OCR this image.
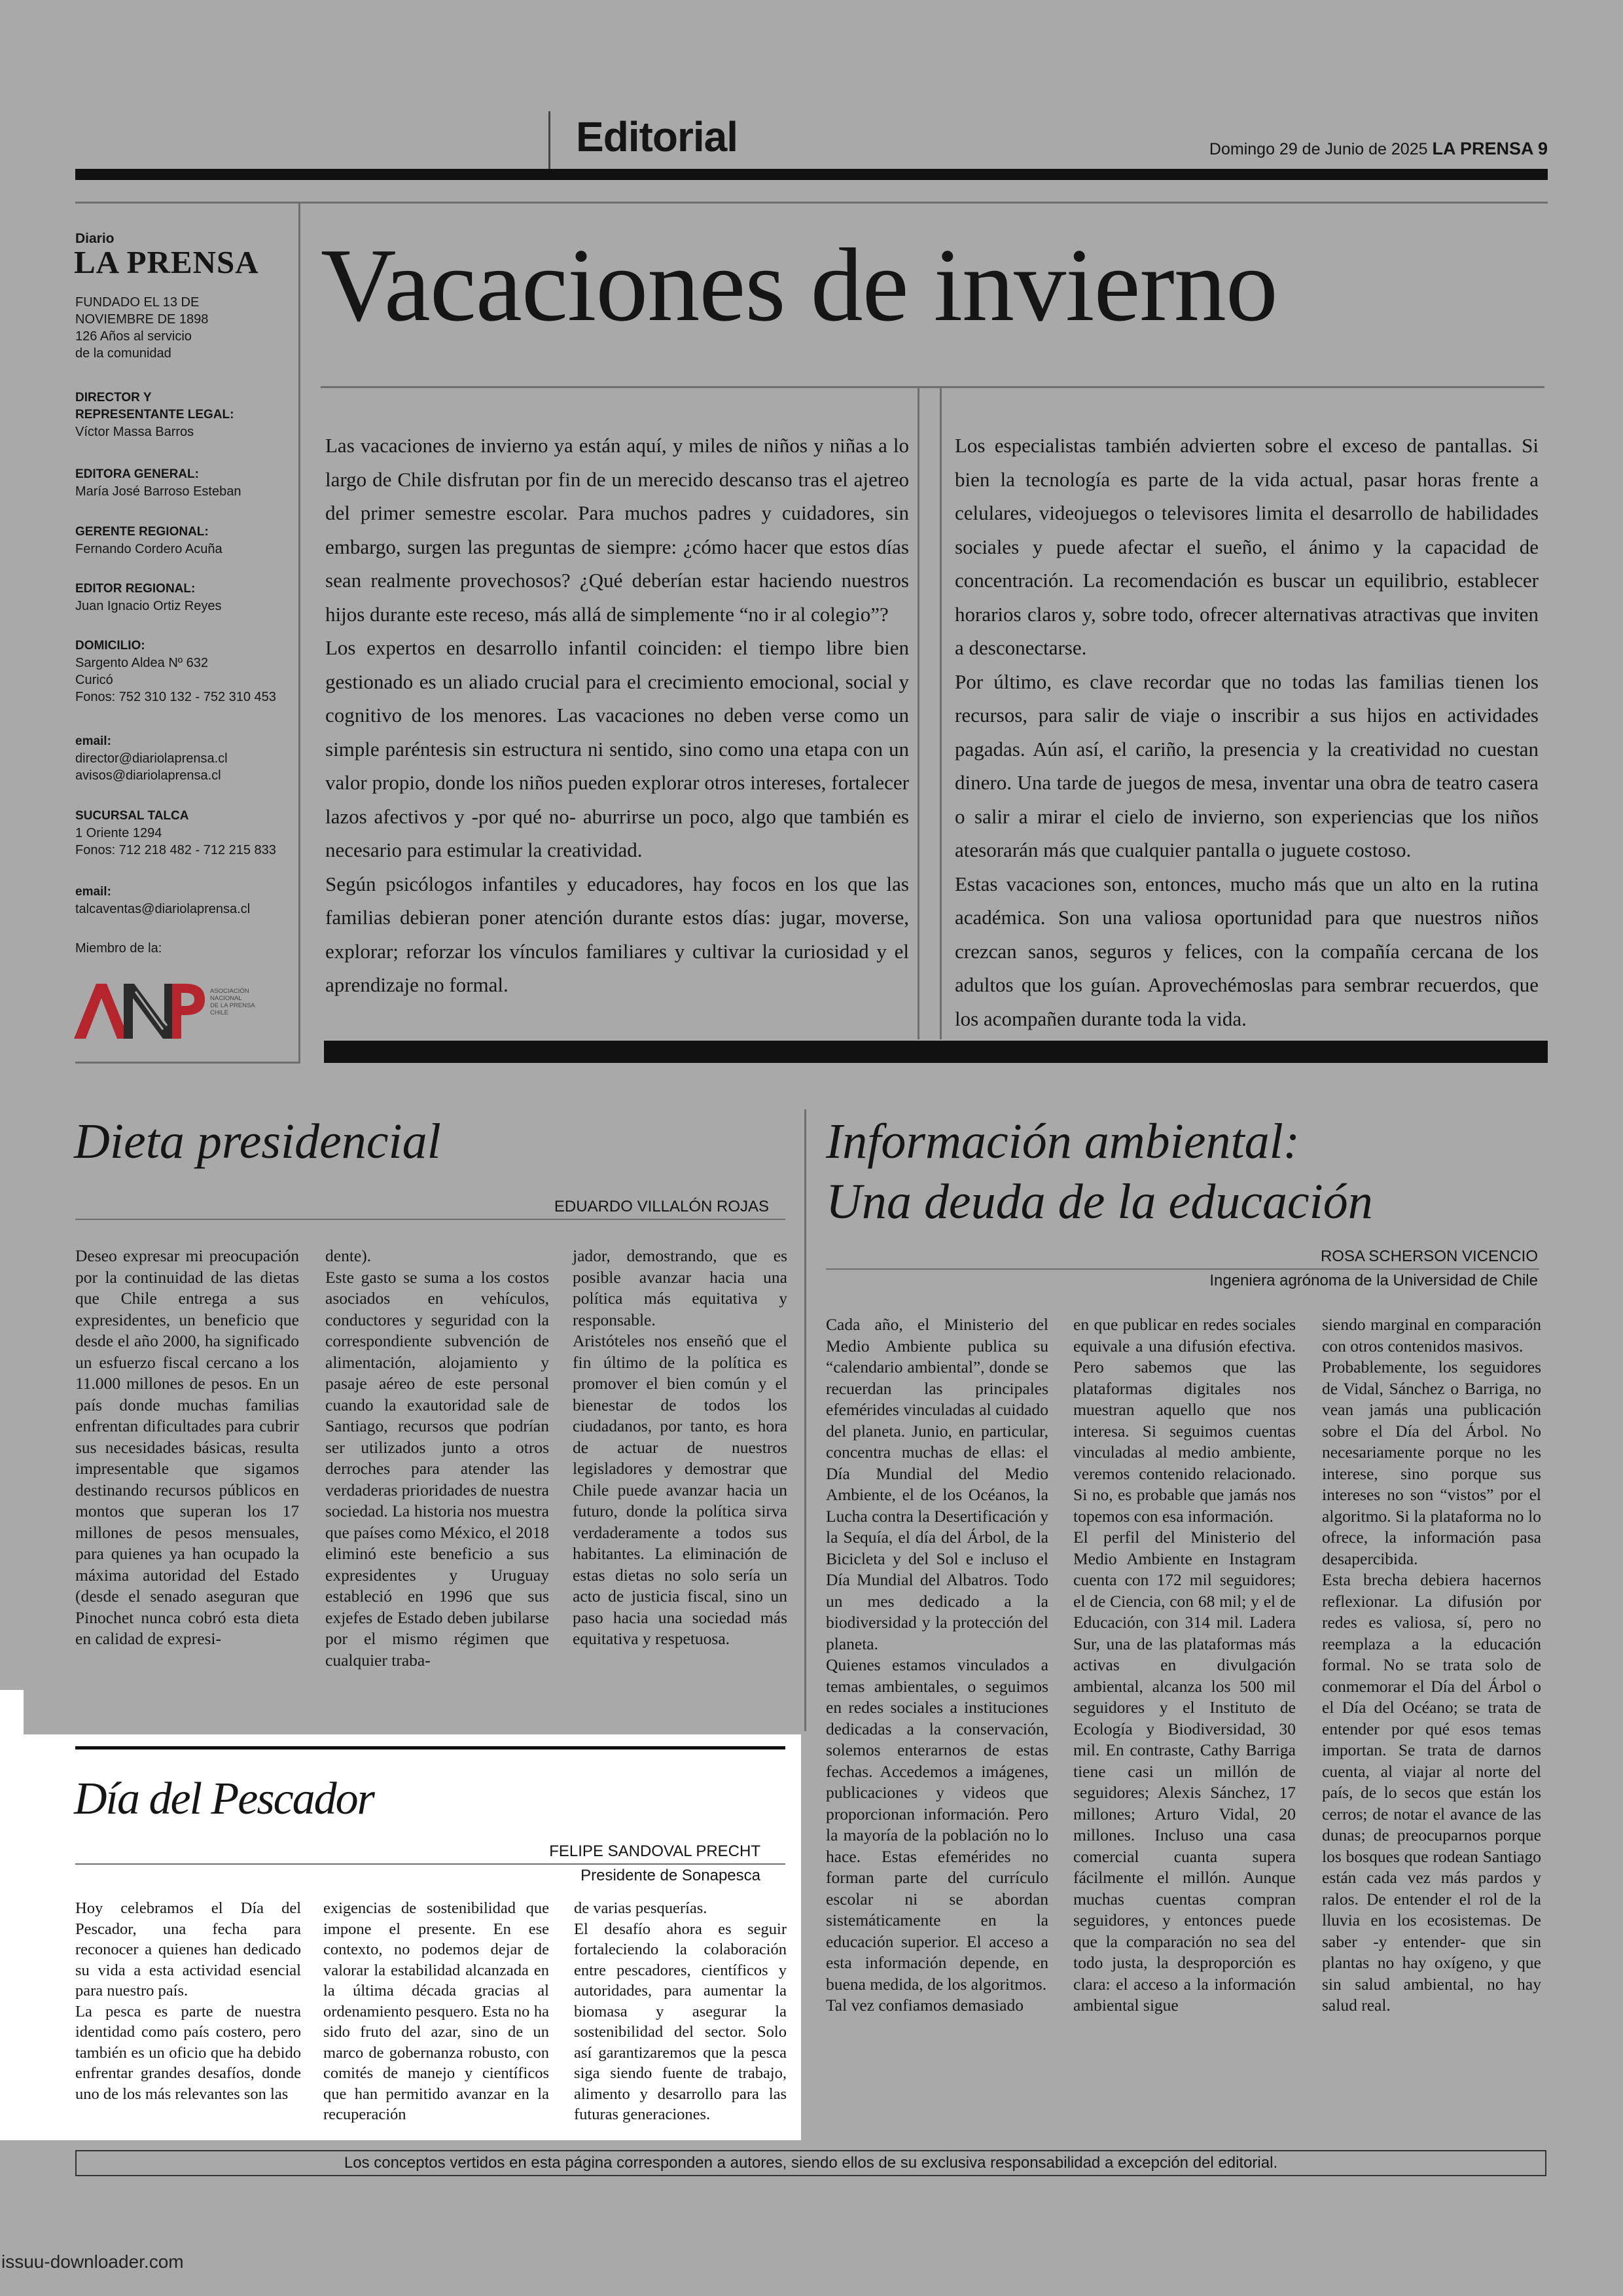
Editorial	Domingo 29 de Junio de 2025 LA PRENSA 9
Diario
LA PRENSA
FUNDADO EL 13 DE
NOVIEMBRE DE 1898
126 Años al servicio
de la comunidad
DIRECTOR Y
REPRESENTANTE LEGAL:
Víctor Massa Barros
EDITORA GENERAL:
María José Barroso Esteban
GERENTE REGIONAL:
Fernando Cordero Acuña
EDITOR REGIONAL:
Juan Ignacio Ortiz Reyes
DOMICILIO:
Sargento Aldea Nº 632
Curicó
Fonos: 752 310 132 - 752 310 453
email:
director@diariolaprensa.cl
avisos@diariolaprensa.cl
SUCURSAL TALCA
1 Oriente 1294
Fonos: 712 218 482 - 712 215 833
email:
talcaventas@diariolaprensa.cl
Miembro de la:
ASOCIACIÓN
NACIONAL
DE LA PRENSA
CHILE
Vacaciones de invierno

Las vacaciones de invierno ya están aquí, y miles de niños y niñas a lo largo de Chile disfrutan por fin de un merecido descanso tras el ajetreo del primer semestre escolar. Para muchos padres y cuidadores, sin embargo, surgen las preguntas de siempre: ¿cómo hacer que estos días sean realmente provechosos? ¿Qué deberían estar haciendo nuestros hijos durante este receso, más allá de simplemente “no ir al colegio”?

Los expertos en desarrollo infantil coinciden: el tiempo libre bien gestionado es un aliado crucial para el crecimiento emocional, social y cognitivo de los menores. Las vacaciones no deben verse como un simple paréntesis sin estructura ni sentido, sino como una etapa con un valor propio, donde los niños pueden explorar otros intereses, fortalecer lazos afectivos y -por qué no- aburrirse un poco, algo que también es necesario para estimular la creatividad.

Según psicólogos infantiles y educadores, hay focos en los que las familias debieran poner atención durante estos días: jugar, moverse, explorar; reforzar los vínculos familiares y cultivar la curiosidad y el aprendizaje no formal.

Los especialistas también advierten sobre el exceso de pantallas. Si bien la tecnología es parte de la vida actual, pasar horas frente a celulares, videojuegos o televisores limita el desarrollo de habilidades sociales y puede afectar el sueño, el ánimo y la capacidad de concentración. La recomendación es buscar un equilibrio, establecer horarios claros y, sobre todo, ofrecer alternativas atractivas que inviten a desconectarse.

Por último, es clave recordar que no todas las familias tienen los recursos, para salir de viaje o inscribir a sus hijos en actividades pagadas. Aún así, el cariño, la presencia y la creatividad no cuestan dinero. Una tarde de juegos de mesa, inventar una obra de teatro casera o salir a mirar el cielo de invierno, son experiencias que los niños atesorarán más que cualquier pantalla o juguete costoso.

Estas vacaciones son, entonces, mucho más que un alto en la rutina académica. Son una valiosa oportunidad para que nuestros niños crezcan sanos, seguros y felices, con la compañía cercana de los adultos que los guían. Aprovechémoslas para sembrar recuerdos, que los acompañen durante toda la vida.

Dieta presidencial
EDUARDO VILLALÓN ROJAS

Deseo expresar mi preocupación por la continuidad de las dietas que Chile entrega a sus expresidentes, un beneficio que desde el año 2000, ha significado un esfuerzo fiscal cercano a los 11.000 millones de pesos. En un país donde muchas familias enfrentan dificultades para cubrir sus necesidades básicas, resulta impresentable que sigamos destinando recursos públicos en montos que superan los 17 millones de pesos mensuales, para quienes ya han ocupado la máxima autoridad del Estado (desde el senado aseguran que Pinochet nunca cobró esta dieta en calidad de expresi-

dente).

Este gasto se suma a los costos asociados en vehículos, conductores y seguridad con la correspondiente subvención de alimentación, alojamiento y pasaje aéreo de este personal cuando la exautoridad sale de Santiago, recursos que podrían ser utilizados junto a otros derroches para atender las verdaderas prioridades de nuestra sociedad. La historia nos muestra que países como México, el 2018 eliminó este beneficio a sus expresidentes y Uruguay estableció en 1996 que sus exjefes de Estado deben jubilarse por el mismo régimen que cualquier traba-

jador, demostrando, que es posible avanzar hacia una política más equitativa y responsable.

Aristóteles nos enseñó que el fin último de la política es promover el bien común y el bienestar de todos los ciudadanos, por tanto, es hora de actuar de nuestros legisladores y demostrar que Chile puede avanzar hacia un futuro, donde la política sirva verdaderamente a todos sus habitantes. La eliminación de estas dietas no solo sería un acto de justicia fiscal, sino un paso hacia una sociedad más equitativa y respetuosa.

Día del Pescador
FELIPE SANDOVAL PRECHT
Presidente de Sonapesca

Hoy celebramos el Día del Pescador, una fecha para reconocer a quienes han dedicado su vida a esta actividad esencial para nuestro país.

La pesca es parte de nuestra identidad como país costero, pero también es un oficio que ha debido enfrentar grandes desafíos, donde uno de los más relevantes son las

exigencias de sostenibilidad que impone el presente. En ese contexto, no podemos dejar de valorar la estabilidad alcanzada en la última década gracias al ordenamiento pesquero. Esta no ha sido fruto del azar, sino de un marco de gobernanza robusto, con comités de manejo y científicos que han permitido avanzar en la recuperación

de varias pesquerías.

El desafío ahora es seguir fortaleciendo la colaboración entre pescadores, científicos y autoridades, para aumentar la biomasa y asegurar la sostenibilidad del sector. Solo así garantizaremos que la pesca siga siendo fuente de trabajo, alimento y desarrollo para las futuras generaciones.

Información ambiental:
Una deuda de la educación
ROSA SCHERSON VICENCIO
Ingeniera agrónoma de la Universidad de Chile

Cada año, el Ministerio del Medio Ambiente publica su “calendario ambiental”, donde se recuerdan las principales efemérides vinculadas al cuidado del planeta. Junio, en particular, concentra muchas de ellas: el Día Mundial del Medio Ambiente, el de los Océanos, la Lucha contra la Desertificación y la Sequía, el día del Árbol, de la Bicicleta y del Sol e incluso el Día Mundial del Albatros. Todo un mes dedicado a la biodiversidad y la protección del planeta.

Quienes estamos vinculados a temas ambientales, o seguimos en redes sociales a instituciones dedicadas a la conservación, solemos enterarnos de estas fechas. Accedemos a imágenes, publicaciones y videos que proporcionan información. Pero la mayoría de la población no lo hace. Estas efemérides no forman parte del currículo escolar ni se abordan sistemáticamente en la educación superior. El acceso a esta información depende, en buena medida, de los algoritmos.

Tal vez confiamos demasiado

en que publicar en redes sociales equivale a una difusión efectiva. Pero sabemos que las plataformas digitales nos muestran aquello que nos interesa. Si seguimos cuentas vinculadas al medio ambiente, veremos contenido relacionado. Si no, es probable que jamás nos topemos con esa información.

El perfil del Ministerio del Medio Ambiente en Instagram cuenta con 172 mil seguidores; el de Ciencia, con 68 mil; y el de Educación, con 314 mil. Ladera Sur, una de las plataformas más activas en divulgación ambiental, alcanza los 500 mil seguidores y el Instituto de Ecología y Biodiversidad, 30 mil. En contraste, Cathy Barriga tiene casi un millón de seguidores; Alexis Sánchez, 17 millones; Arturo Vidal, 20 millones. Incluso una casa comercial cuanta supera fácilmente el millón. Aunque muchas cuentas compran seguidores, y entonces puede que la comparación no sea del todo justa, la desproporción es clara: el acceso a la información ambiental sigue

siendo marginal en comparación con otros contenidos masivos.

Probablemente, los seguidores de Vidal, Sánchez o Barriga, no vean jamás una publicación sobre el Día del Árbol. No necesariamente porque no les interese, sino porque sus intereses no son “vistos” por el algoritmo. Si la plataforma no lo ofrece, la información pasa desapercibida.

Esta brecha debiera hacernos reflexionar. La difusión por redes es valiosa, sí, pero no reemplaza a la educación formal. No se trata solo de conmemorar el Día del Árbol o el Día del Océano; se trata de entender por qué esos temas importan. Se trata de darnos cuenta, al viajar al norte del país, de lo secos que están los cerros; de notar el avance de las dunas; de preocuparnos porque los bosques que rodean Santiago están cada vez más pardos y ralos. De entender el rol de la lluvia en los ecosistemas. De saber -y entender- que sin plantas no hay oxígeno, y que sin salud ambiental, no hay salud real.

Los conceptos vertidos en esta página corresponden a autores, siendo ellos de su exclusiva responsabilidad a excepción del editorial.
issuu-downloader.com
